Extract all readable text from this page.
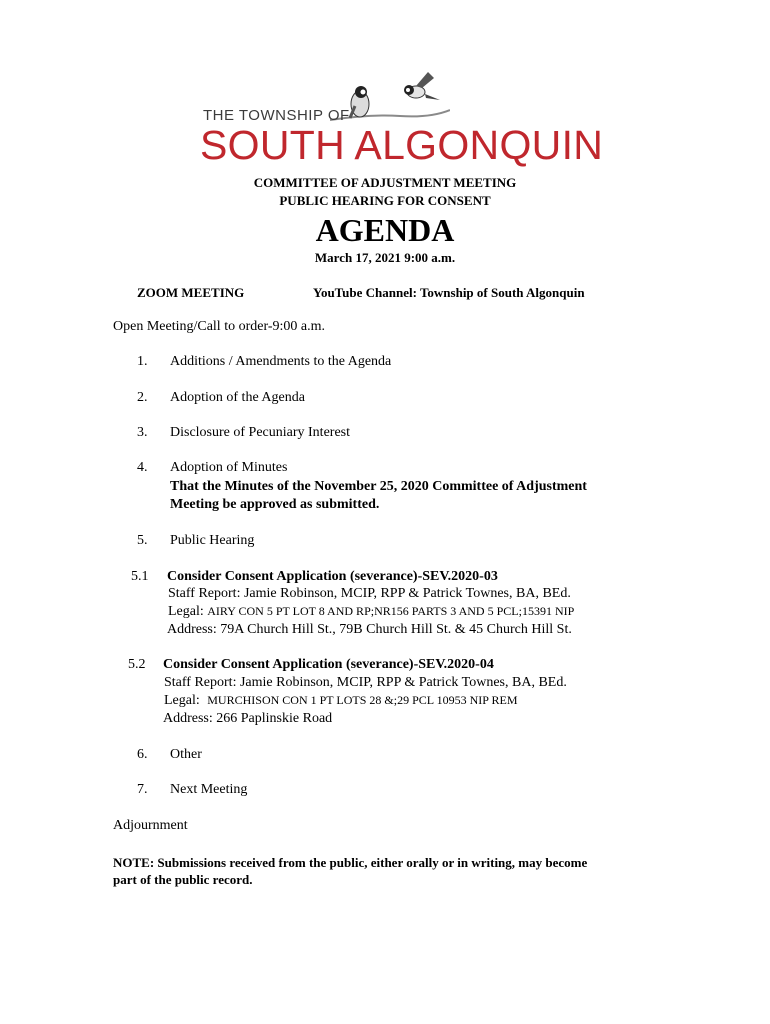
THE TOWNSHIP OF
SOUTH ALGONQUIN
COMMITTEE OF ADJUSTMENT MEETING
PUBLIC HEARING FOR CONSENT
AGENDA
March 17, 2021 9:00 a.m.
ZOOM MEETING	YouTube Channel: Township of South Algonquin
Open Meeting/Call to order-9:00 a.m.
1. Additions / Amendments to the Agenda
2. Adoption of the Agenda
3. Disclosure of Pecuniary Interest
4. Adoption of Minutes
That the Minutes of the November 25, 2020 Committee of Adjustment
Meeting be approved as submitted.
5. Public Hearing
5.1 Consider Consent Application (severance)-SEV.2020-03
Staff Report: Jamie Robinson, MCIP, RPP & Patrick Townes, BA, BEd.
Legal: AIRY CON 5 PT LOT 8 AND RP;NR156 PARTS 3 AND 5 PCL;15391 NIP
Address: 79A Church Hill St., 79B Church Hill St. & 45 Church Hill St.
5.2 Consider Consent Application (severance)-SEV.2020-04
Staff Report: Jamie Robinson, MCIP, RPP & Patrick Townes, BA, BEd.
Legal: MURCHISON CON 1 PT LOTS 28 &;29 PCL 10953 NIP REM
Address: 266 Paplinskie Road
6. Other
7. Next Meeting
Adjournment
NOTE: Submissions received from the public, either orally or in writing, may become
part of the public record.
